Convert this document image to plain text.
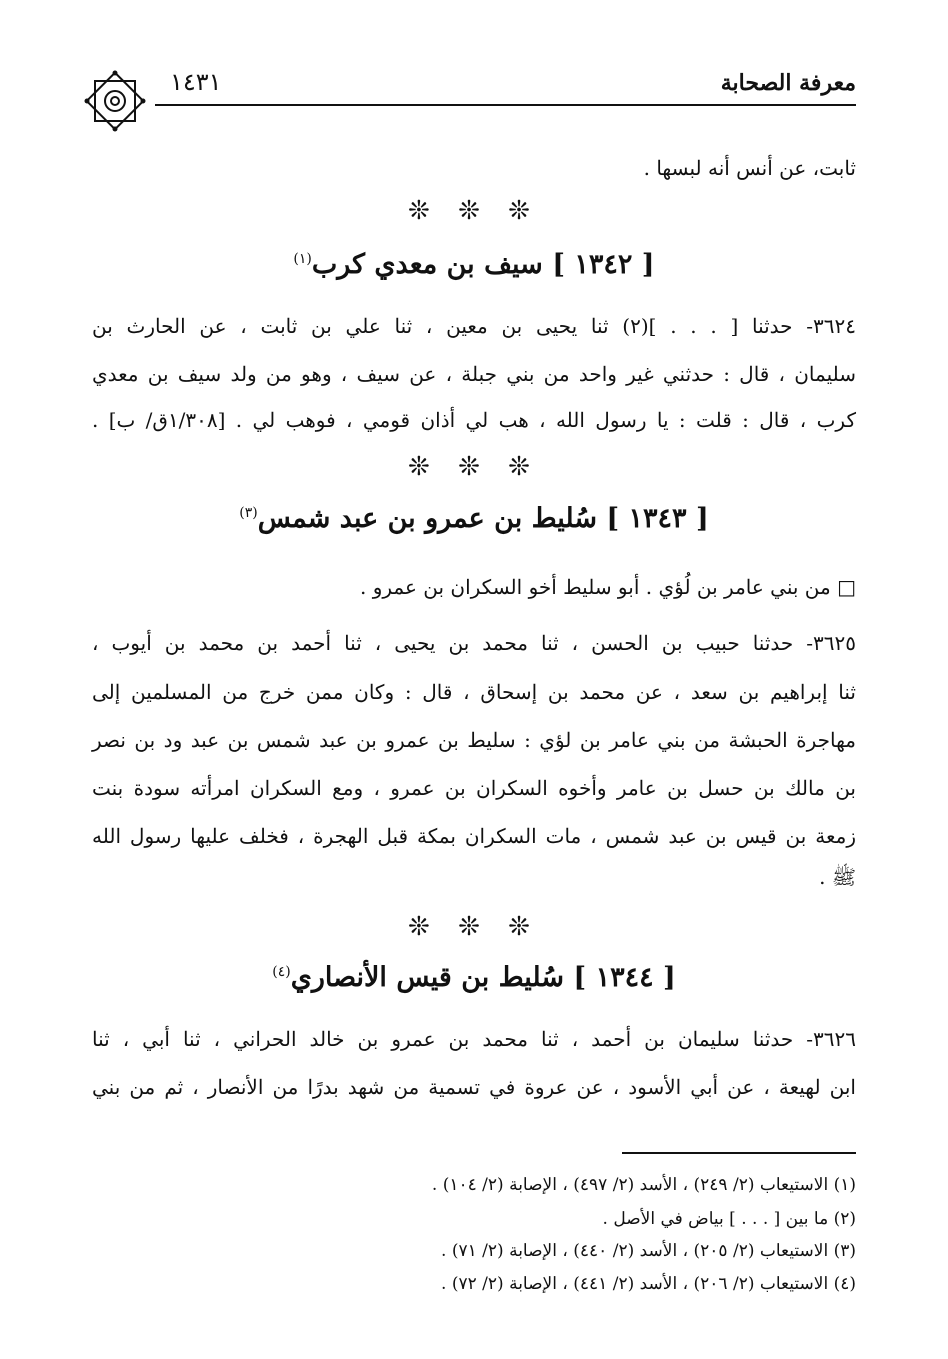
معرفة الصحابة
١٤٣١
ثابت، عن أنس أنه لبسها .
❊ ❊ ❊
[ ١٣٤٢ ] سيف بن معدي كرب$^{(١)}$
٣٦٢٤- حدثنا [ . . . ](٢) ثنا يحيى بن معين ، ثنا علي بن ثابت ، عن الحارث بن
سليمان ، قال : حدثني غير واحد من بني جبلة ، عن سيف ، وهو من ولد سيف بن معدي
كرب ، قال : قلت : يا رسول الله ، هب لي أذان قومي ، فوهب لي . [١/٣٠٨ق/ ب] .
❊ ❊ ❊
[ ١٣٤٣ ] سُليط بن عمرو بن عبد شمس$^{(٣)}$
□ من بني عامر بن لُؤي . أبو سليط أخو السكران بن عمرو .
٣٦٢٥- حدثنا حبيب بن الحسن ، ثنا محمد بن يحيى ، ثنا أحمد بن محمد بن أيوب ،
ثنا إبراهيم بن سعد ، عن محمد بن إسحاق ، قال : وكان ممن خرج من المسلمين إلى
مهاجرة الحبشة من بني عامر بن لؤي : سليط بن عمرو بن عبد شمس بن عبد ود بن نصر
بن مالك بن حسل بن عامر وأخوه السكران بن عمرو ، ومع السكران امرأته سودة بنت
زمعة بن قيس بن عبد شمس ، مات السكران بمكة قبل الهجرة ، فخلف عليها رسول الله
ﷺ .
❊ ❊ ❊
[ ١٣٤٤ ] سُليط بن قيس الأنصاري$^{(٤)}$
٣٦٢٦- حدثنا سليمان بن أحمد ، ثنا محمد بن عمرو بن خالد الحراني ، ثنا أبي ، ثنا
ابن لهيعة ، عن أبي الأسود ، عن عروة في تسمية من شهد بدرًا من الأنصار ، ثم من بني
(١) الاستيعاب (٢/ ٢٤٩) ، الأسد (٢/ ٤٩٧) ، الإصابة (٢/ ١٠٤) .
(٢) ما بين [ . . . ] بياض في الأصل .
(٣) الاستيعاب (٢/ ٢٠٥) ، الأسد (٢/ ٤٤٠) ، الإصابة (٢/ ٧١) .
(٤) الاستيعاب (٢/ ٢٠٦) ، الأسد (٢/ ٤٤١) ، الإصابة (٢/ ٧٢) .
